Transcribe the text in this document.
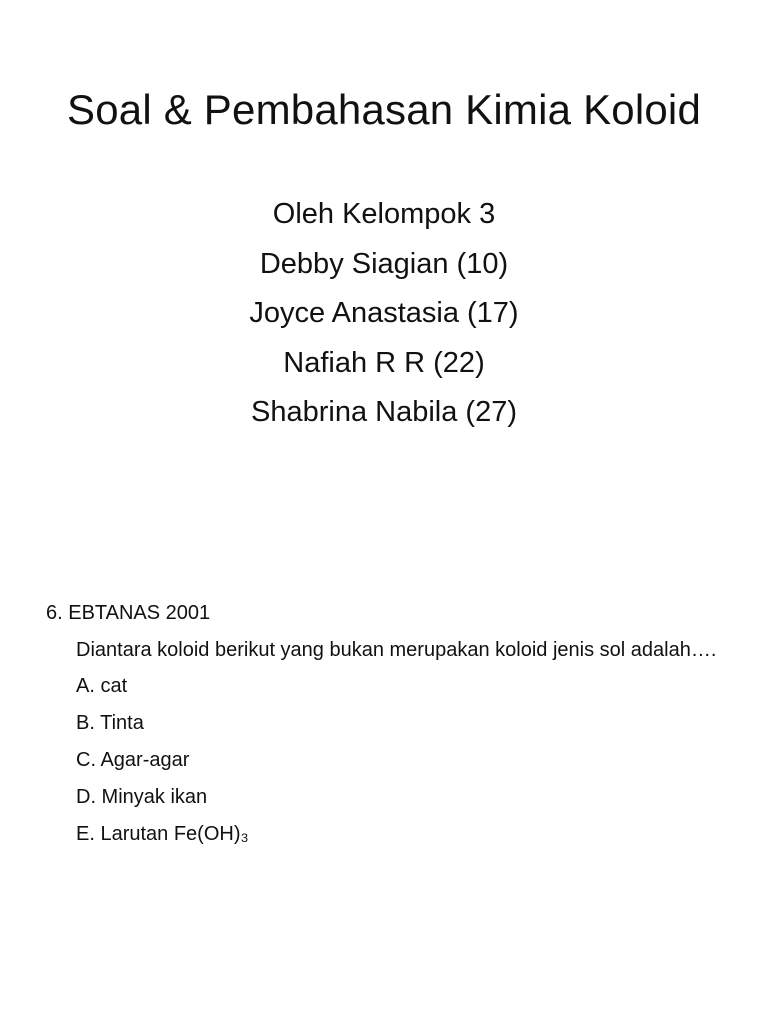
Soal & Pembahasan Kimia Koloid
Oleh Kelompok 3
Debby Siagian (10)
Joyce Anastasia (17)
Nafiah R R (22)
Shabrina Nabila (27)
6. EBTANAS 2001

Diantara koloid berikut yang bukan merupakan koloid jenis sol adalah….

A. cat
B. Tinta
C. Agar-agar
D. Minyak ikan
E. Larutan Fe(OH)₃
